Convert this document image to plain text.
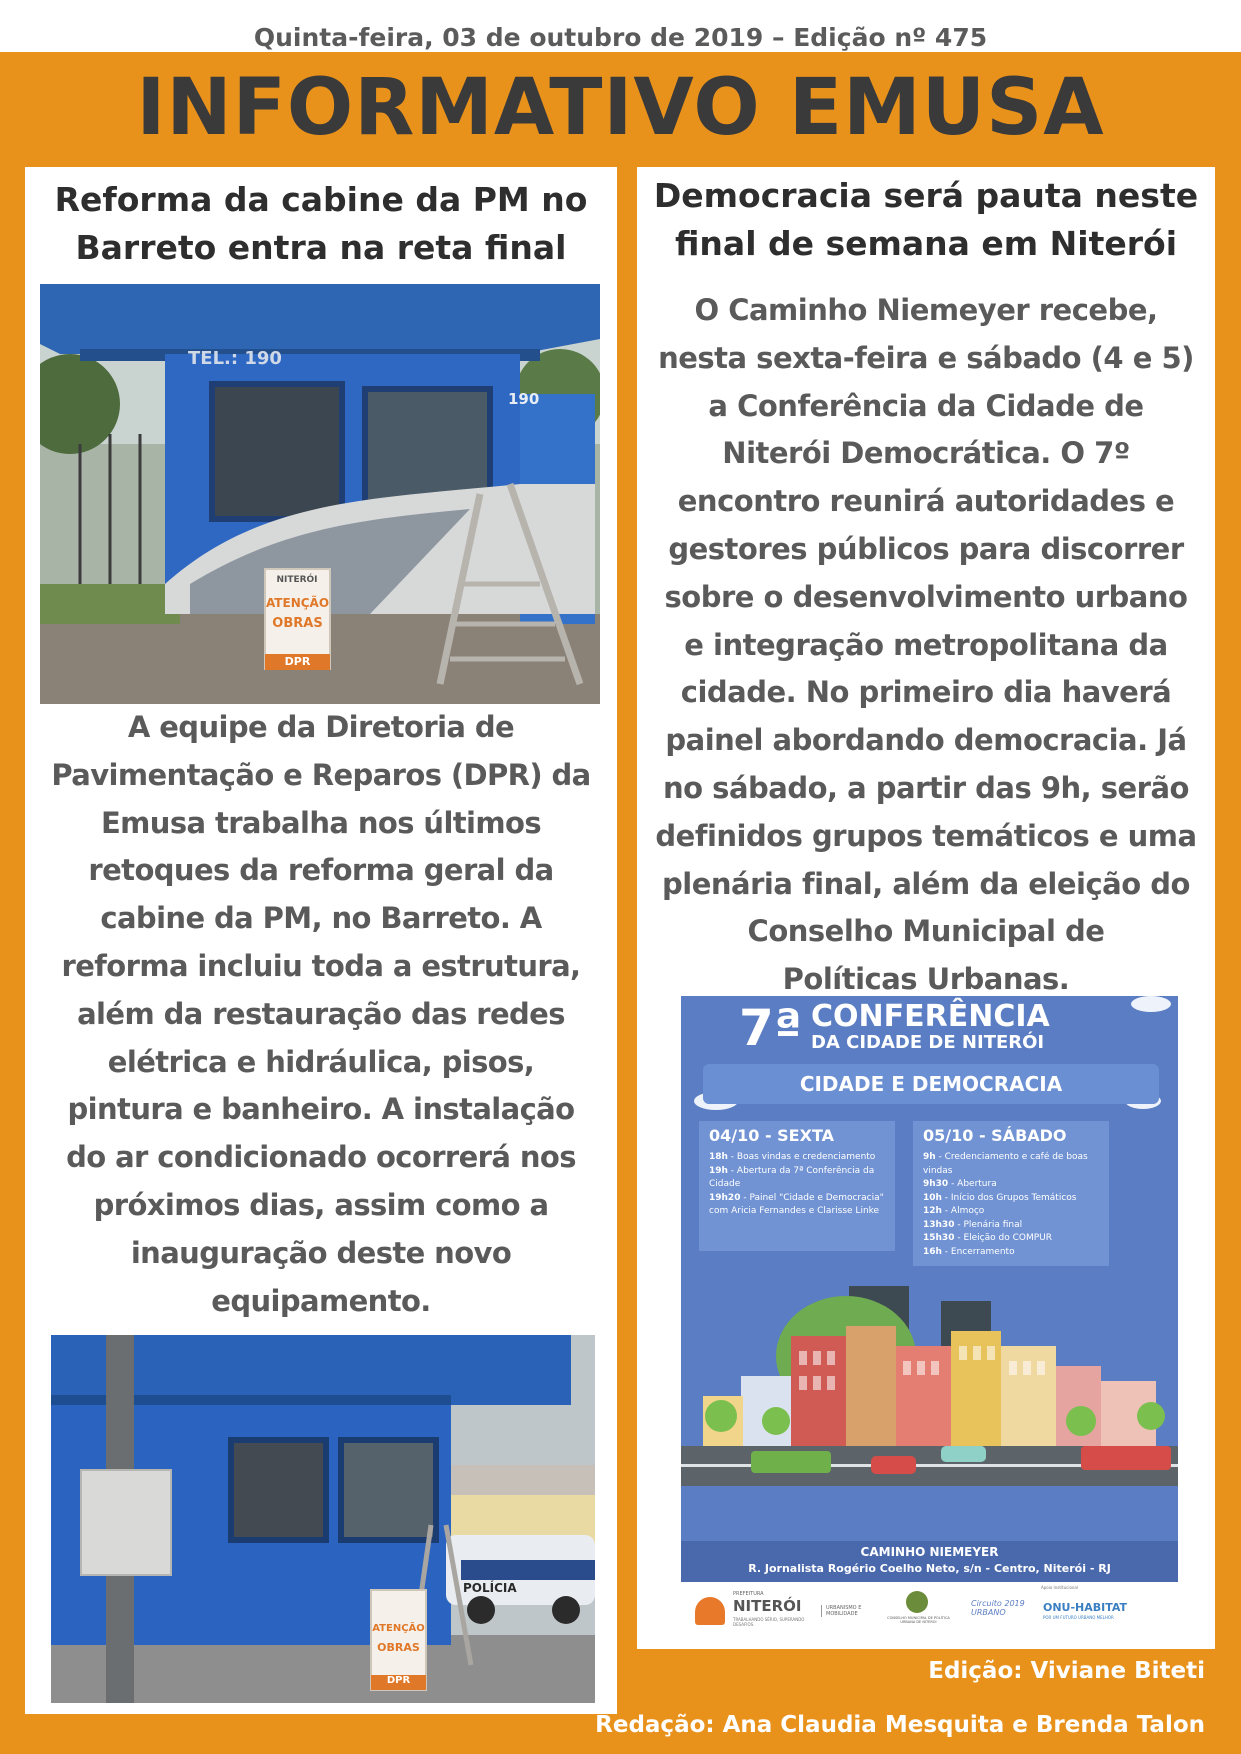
Quinta-feira, 03 de outubro de 2019 – Edição nº 475
INFORMATIVO EMUSA
Reforma da cabine da PM no
Barreto entra na reta final
TEL.: 190
190
NITERÓI
ATENÇÃO
OBRAS
DPR
A equipe da Diretoria de
Pavimentação e Reparos (DPR) da
Emusa trabalha nos últimos
retoques da reforma geral da
cabine da PM, no Barreto. A
reforma incluiu toda a estrutura,
além da restauração das redes
elétrica e hidráulica, pisos,
pintura e banheiro. A instalação
do ar condicionado ocorrerá nos
próximos dias, assim como a
inauguração deste novo
equipamento.
POLÍCIA
ATENÇÃO
OBRAS
DPR
Democracia será pauta neste
final de semana em Niterói
O Caminho Niemeyer recebe,
nesta sexta-feira e sábado (4 e 5)
a Conferência da Cidade de
Niterói Democrática. O 7º
encontro reunirá autoridades e
gestores públicos para discorrer
sobre o desenvolvimento urbano
e integração metropolitana da
cidade. No primeiro dia haverá
painel abordando democracia. Já
no sábado, a partir das 9h, serão
definidos grupos temáticos e uma
plenária final, além da eleição do
Conselho Municipal de
Políticas Urbanas.
7ª CONFERÊNCIA
DA CIDADE DE NITERÓI
CIDADE E DEMOCRACIA
04/10 - SEXTA
18h - Boas vindas e credenciamento
19h - Abertura da 7ª Conferência da
Cidade
19h20 - Painel "Cidade e Democracia"
com Aricia Fernandes e Clarisse Linke
05/10 - SÁBADO
9h - Credenciamento e café de boas
vindas
9h30 - Abertura
10h - Início dos Grupos Temáticos
12h - Almoço
13h30 - Plenária final
15h30 - Eleição do COMPUR
16h - Encerramento
CAMINHO NIEMEYER
R. Jornalista Rogério Coelho Neto, s/n - Centro, Niterói - RJ
PREFEITURA
NITERÓI
TRABALHANDO SÉRIO, SUPERANDO DESAFIOS.
URBANISMO E MOBILIDADE
CONSELHO MUNICIPAL DE POLÍTICA URBANA DE NITERÓI
Apoio Institucional
Circuito 2019 URBANO	ONU-HABITAT
POR UM FUTURO URBANO MELHOR
Edição: Viviane Biteti
Redação: Ana Claudia Mesquita e Brenda Talon
